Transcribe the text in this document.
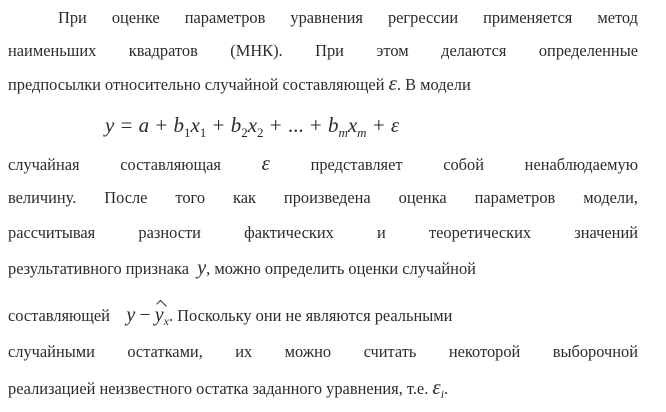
При оценке параметров уравнения регрессии применяется метод
наименьших квадратов (МНК). При этом делаются определенные
предпосылки относительно случайной составляющей ε. В модели
$y = a + b_1x_1 + b_2x_2$ + ... + $b_mx_m + \varepsilon$
случайная составляющая ε представляет собой ненаблюдаемую
величину. После того как произведена оценка параметров модели,
рассчитывая разности фактических и теоретических значений
результативного признака y, можно определить оценки случайной
составляющей $y - y_x$. Поскольку они не являются реальными
случайными остатками, их можно считать некоторой выборочной
реализацией неизвестного остатка заданного уравнения, т.е. $\varepsilon_i$.
